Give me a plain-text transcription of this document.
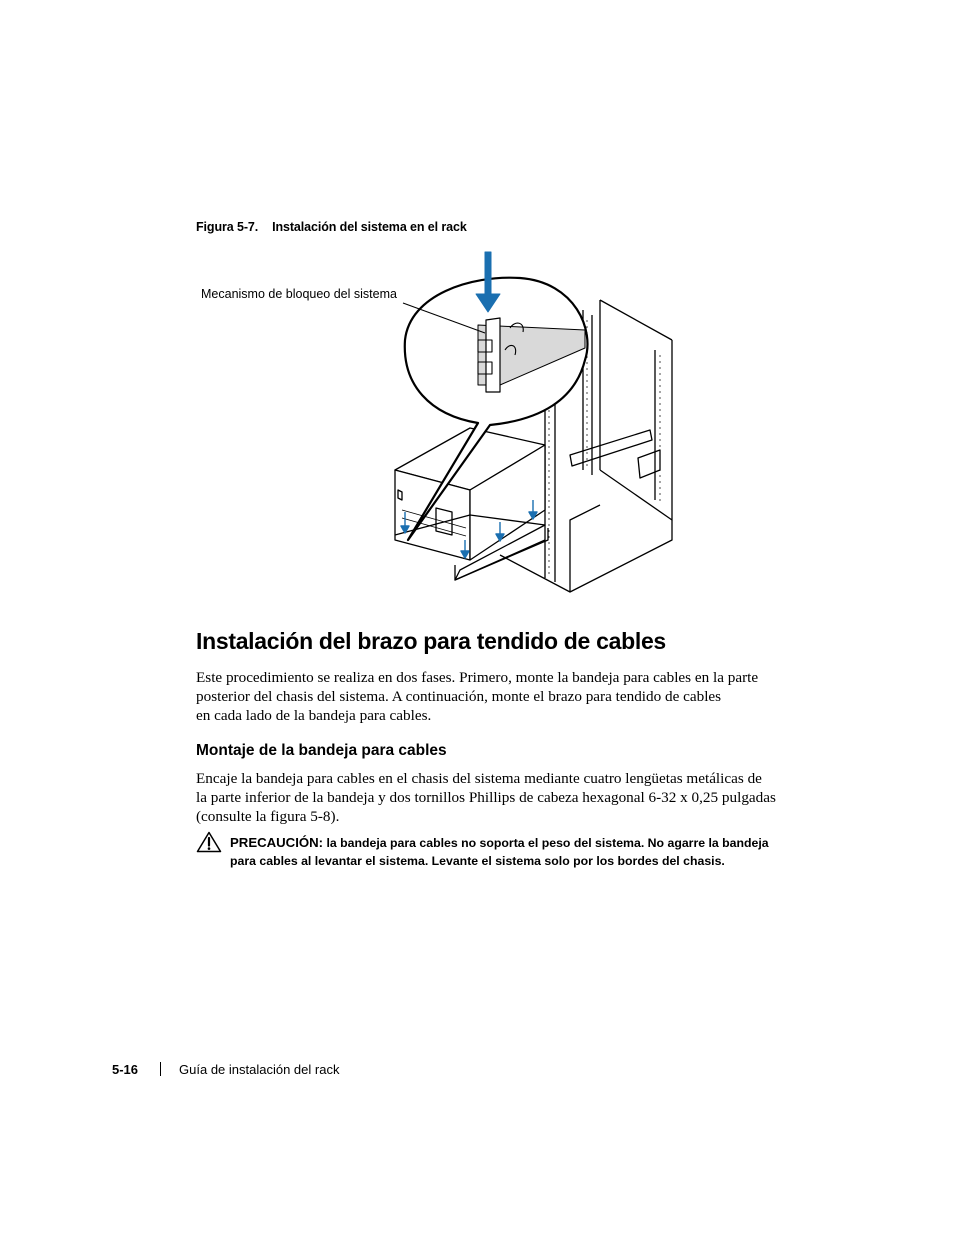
Figura 5-7. Instalación del sistema en el rack
Mecanismo de bloqueo del sistema
Instalación del brazo para tendido de cables
Este procedimiento se realiza en dos fases. Primero, monte la bandeja para cables en la parte
posterior del chasis del sistema. A continuación, monte el brazo para tendido de cables
en cada lado de la bandeja para cables.
Montaje de la bandeja para cables
Encaje la bandeja para cables en el chasis del sistema mediante cuatro lengüetas metálicas de
la parte inferior de la bandeja y dos tornillos Phillips de cabeza hexagonal 6-32 x 0,25 pulgadas
(consulte la figura 5-8).
PRECAUCIÓN: la bandeja para cables no soporta el peso del sistema. No agarre la bandeja
para cables al levantar el sistema. Levante el sistema solo por los bordes del chasis.
5-16	Guía de instalación del rack
